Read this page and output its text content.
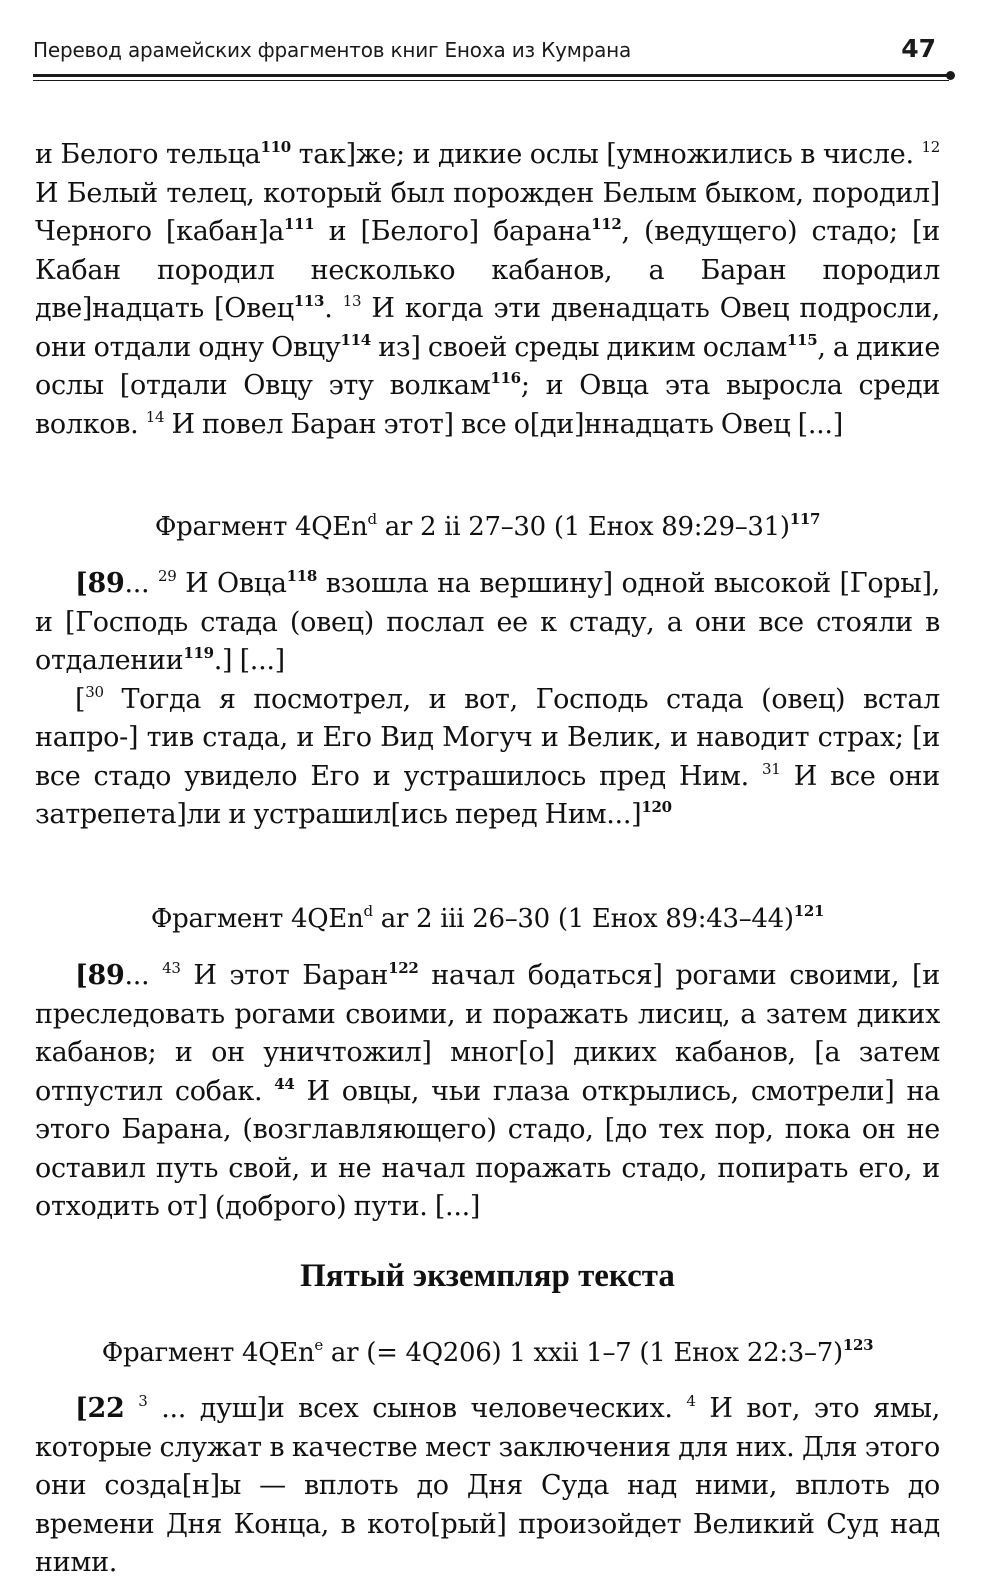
Перевод арамейских фрагментов книг Еноха из Кумрана	47

и Белого тельца$^{110}$ так]же; и дикие ослы [умножились в числе. $^{12}$ И Белый телец, который был порожден Белым быком, породил] Черного $[кабан]а^{111}$ и [Белого] барана$^{112}$, (ведущего) стадо; [и Кабан породил несколько кабанов, а Баран породил две]надцать [Овец$^{113}$. $^{13}$ И когда эти двенадцать Овец подросли, они отдали одну Овцу$^{114}$ из] своей среды диким ослам$^{115}$, а дикие ослы [отдали Овцу эту волкам$^{116}$; и Овца эта выросла среди волков. $^{14}$ И повел Баран этот] все о[ди]ннадцать Овец [...]

Фрагмент 4QEn$^d$ ar 2 ii 27–30 (1 Енох 89:29–31)$^{117}$

[89... $^{29}$ И Овца$^{118}$ взошла на вершину] одной высокой [Горы], и [Господь стада (овец) послал ее к стаду, а они все стояли в отдалении$^{119}$.] [...]

[$^{30}$ Тогда я посмотрел, и вот, Господь стада (овец) встал напро-] тив стада, и Его Вид Могуч и Велик, и наводит страх; [и все стадо увидело Его и устрашилось пред Ним. $^{31}$ И все они затрепета]ли и устрашил[ись перед Ним...]$^{120}$

Фрагмент 4QEn$^d$ ar 2 iii 26–30 (1 Енох 89:43–44)$^{121}$

[89... $^{43}$ И этот Баран$^{122}$ начал бодаться] рогами своими, [и преследовать рогами своими, и поражать лисиц, а затем диких кабанов; и он уничтожил] мног[о] диких кабанов, [а затем отпустил собак. $^{44}$ И овцы, чьи глаза открылись, смотрели] на этого Барана, (возглавляющего) стадо, [до тех пор, пока он не оставил путь свой, и не начал поражать стадо, попирать его, и отходить от] (доброго) пути. [...]

Пятый экземпляр текста
Фрагмент 4QEn$^e$ ar (= 4Q206) 1 xxii 1–7 (1 Енох 22:3–7)$^{123}$

[22 $^3$ ... душ]и всех сынов человеческих. $^4$ И вот, это ямы, которые служат в качестве мест заключения для них. Для этого они созда[н]ы — вплоть до Дня Суда над ними, вплоть до времени Дня Конца, в кото[рый] произойдет Великий Суд над ними.
